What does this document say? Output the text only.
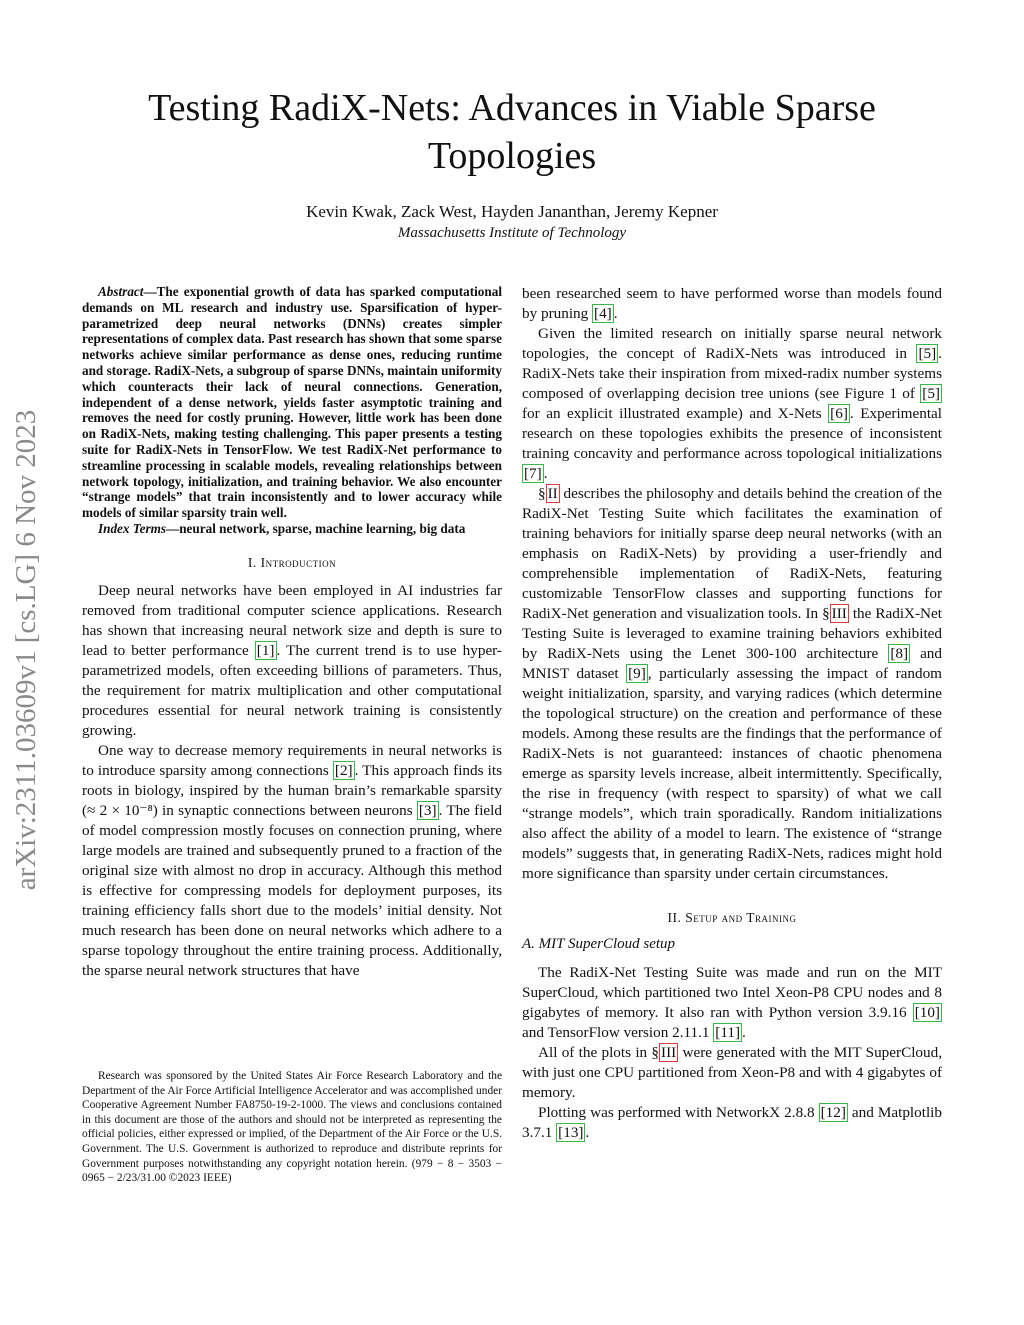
arXiv:2311.03609v1 [cs.LG] 6 Nov 2023
Testing RadiX-Nets: Advances in Viable Sparse Topologies
Kevin Kwak, Zack West, Hayden Jananthan, Jeremy Kepner
Massachusetts Institute of Technology

Abstract—The exponential growth of data has sparked computational demands on ML research and industry use. Sparsification of hyper-parametrized deep neural networks (DNNs) creates simpler representations of complex data. Past research has shown that some sparse networks achieve similar performance as dense ones, reducing runtime and storage. RadiX-Nets, a subgroup of sparse DNNs, maintain uniformity which counteracts their lack of neural connections. Generation, independent of a dense network, yields faster asymptotic training and removes the need for costly pruning. However, little work has been done on RadiX-Nets, making testing challenging. This paper presents a testing suite for RadiX-Nets in TensorFlow. We test RadiX-Net performance to streamline processing in scalable models, revealing relationships between network topology, initialization, and training behavior. We also encounter “strange models” that train inconsistently and to lower accuracy while models of similar sparsity train well.

Index Terms—neural network, sparse, machine learning, big data

I. Introduction

Deep neural networks have been employed in AI industries far removed from traditional computer science applications. Research has shown that increasing neural network size and depth is sure to lead to better performance [1] . The current trend is to use hyper-parametrized models, often exceeding billions of parameters. Thus, the requirement for matrix multiplication and other computational procedures essential for neural network training is consistently growing.

One way to decrease memory requirements in neural networks is to introduce sparsity among connections [2] . This approach finds its roots in biology, inspired by the human brain’s remarkable sparsity (≈ 2 × 10⁻⁸) in synaptic connections between neurons [3] . The field of model compression mostly focuses on connection pruning, where large models are trained and subsequently pruned to a fraction of the original size with almost no drop in accuracy. Although this method is effective for compressing models for deployment purposes, its training efficiency falls short due to the models’ initial density. Not much research has been done on neural networks which adhere to a sparse topology throughout the entire training process. Additionally, the sparse neural network structures that have

Research was sponsored by the United States Air Force Research Laboratory and the Department of the Air Force Artificial Intelligence Accelerator and was accomplished under Cooperative Agreement Number FA8750-19-2-1000. The views and conclusions contained in this document are those of the authors and should not be interpreted as representing the official policies, either expressed or implied, of the Department of the Air Force or the U.S. Government. The U.S. Government is authorized to reproduce and distribute reprints for Government purposes notwithstanding any copyright notation herein. (979 − 8 − 3503 − 0965 − 2/23/31.00 ©2023 IEEE)

been researched seem to have performed worse than models found by pruning [4] .

Given the limited research on initially sparse neural network topologies, the concept of RadiX-Nets was introduced in [5] . RadiX-Nets take their inspiration from mixed-radix number systems composed of overlapping decision tree unions (see Figure 1 of [5] for an explicit illustrated example) and X-Nets [6] . Experimental research on these topologies exhibits the presence of inconsistent training concavity and performance across topological initializations [7] .

§ II describes the philosophy and details behind the creation of the RadiX-Net Testing Suite which facilitates the examination of training behaviors for initially sparse deep neural networks (with an emphasis on RadiX-Nets) by providing a user-friendly and comprehensible implementation of RadiX-Nets, featuring customizable TensorFlow classes and supporting functions for RadiX-Net generation and visualization tools. In § III the RadiX-Net Testing Suite is leveraged to examine training behaviors exhibited by RadiX-Nets using the Lenet 300-100 architecture [8] and MNIST dataset [9] , particularly assessing the impact of random weight initialization, sparsity, and varying radices (which determine the topological structure) on the creation and performance of these models. Among these results are the findings that the performance of RadiX-Nets is not guaranteed: instances of chaotic phenomena emerge as sparsity levels increase, albeit intermittently. Specifically, the rise in frequency (with respect to sparsity) of what we call “strange models”, which train sporadically. Random initializations also affect the ability of a model to learn. The existence of “strange models” suggests that, in generating RadiX-Nets, radices might hold more significance than sparsity under certain circumstances.

II. Setup and Training
A. MIT SuperCloud setup

The RadiX-Net Testing Suite was made and run on the MIT SuperCloud, which partitioned two Intel Xeon-P8 CPU nodes and 8 gigabytes of memory. It also ran with Python version 3.9.16 [10] and TensorFlow version 2.11.1 [11] .

All of the plots in § III were generated with the MIT SuperCloud, with just one CPU partitioned from Xeon-P8 and with 4 gigabytes of memory.

Plotting was performed with NetworkX 2.8.8 [12] and Matplotlib 3.7.1 [13] .
